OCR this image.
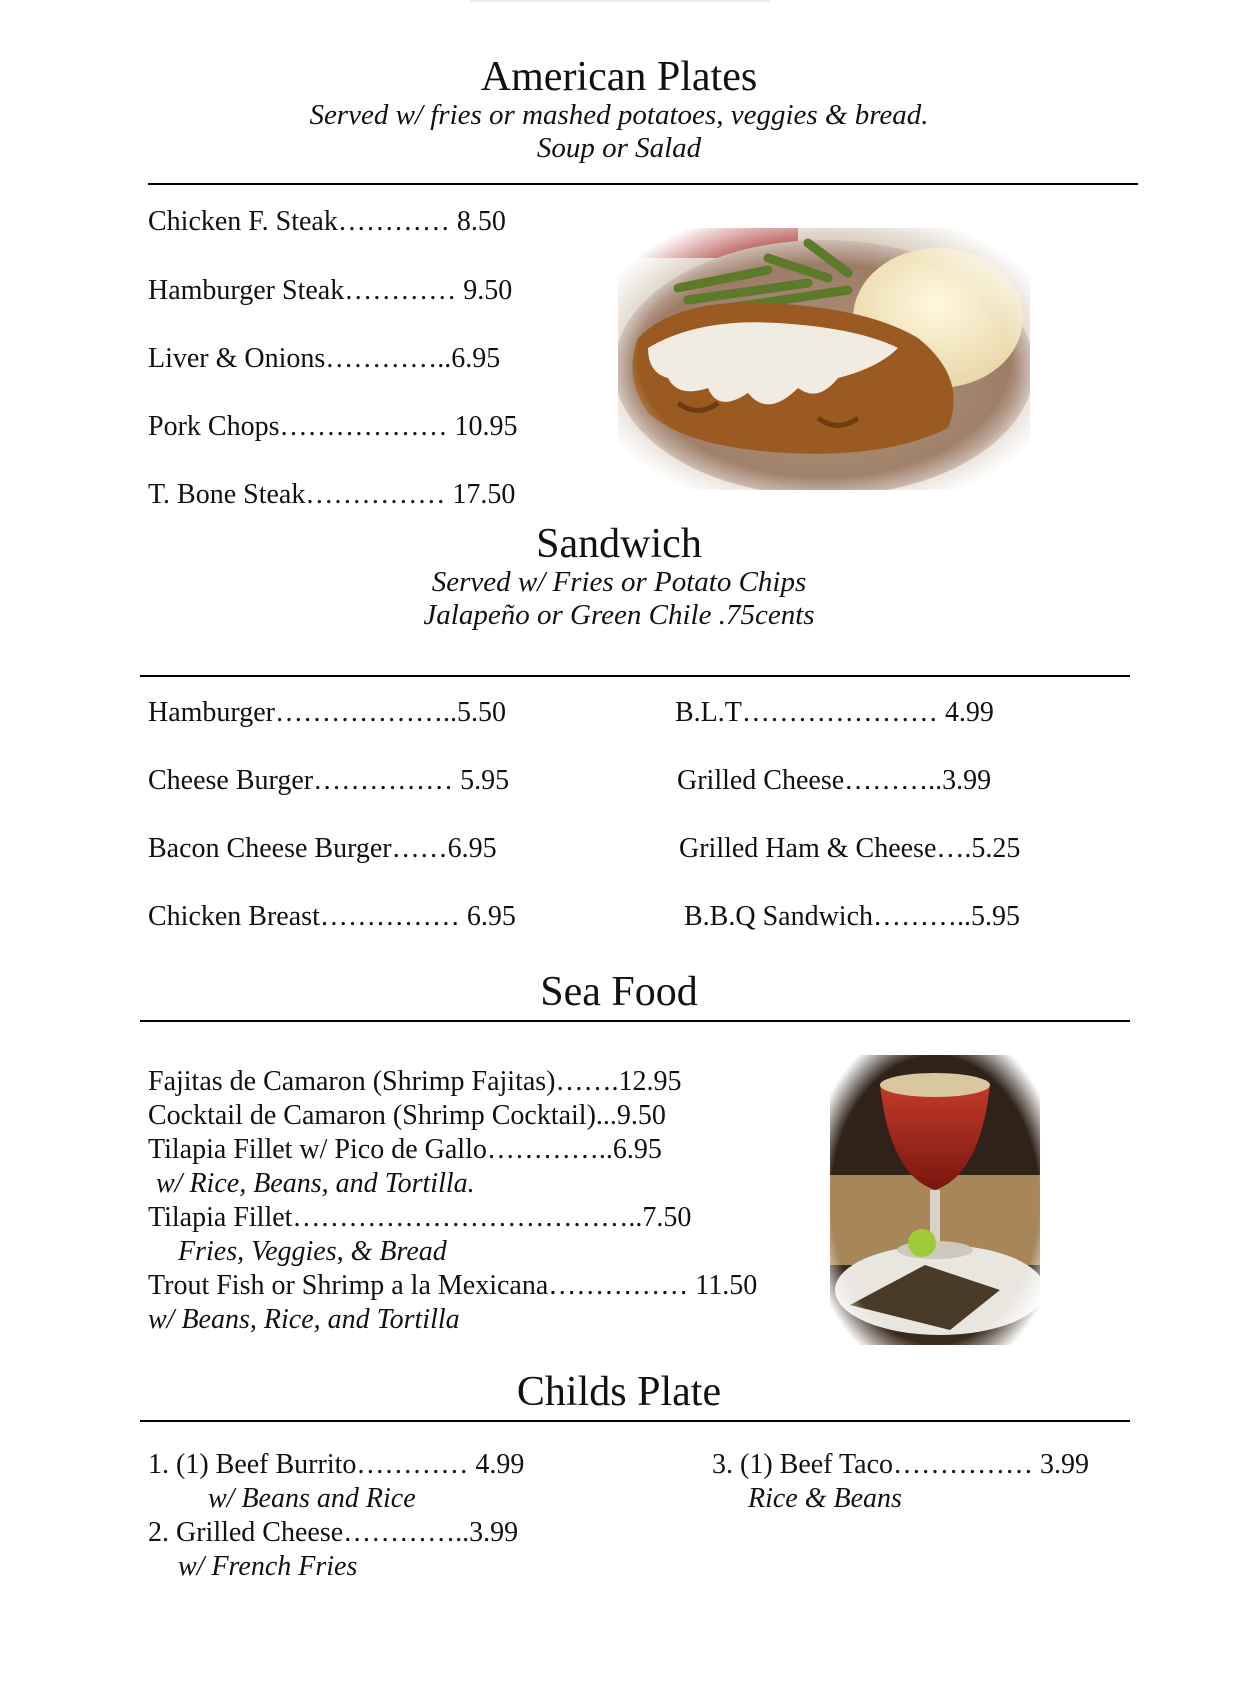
American Plates
Served w/ fries or mashed potatoes, veggies & bread.
Soup or Salad
Chicken F. Steak………… 8.50
Hamburger Steak………… 9.50
Liver & Onions…………..6.95
Pork Chops……………… 10.95
T. Bone Steak…………… 17.50
Sandwich
Served w/ Fries or Potato Chips
Jalapeño or Green Chile .75cents
Hamburger………………..5.50
Cheese Burger…………… 5.95
Bacon Cheese Burger……6.95
Chicken Breast…………… 6.95
B.L.T………………… 4.99
Grilled Cheese………..3.99
Grilled Ham & Cheese….5.25
B.B.Q Sandwich………..5.95
Sea Food
Fajitas de Camaron (Shrimp Fajitas)…….12.95
Cocktail de Camaron (Shrimp Cocktail)...9.50
Tilapia Fillet w/ Pico de Gallo…………..6.95
w/ Rice, Beans, and Tortilla.
Tilapia Fillet………………………………..7.50
Fries, Veggies, & Bread
Trout Fish or Shrimp a la Mexicana…………… 11.50
w/ Beans, Rice, and Tortilla
Childs Plate
1. (1) Beef Burrito………… 4.99
w/ Beans and Rice
2. Grilled Cheese…………..3.99
w/ French Fries
3. (1) Beef Taco…………… 3.99
Rice & Beans
